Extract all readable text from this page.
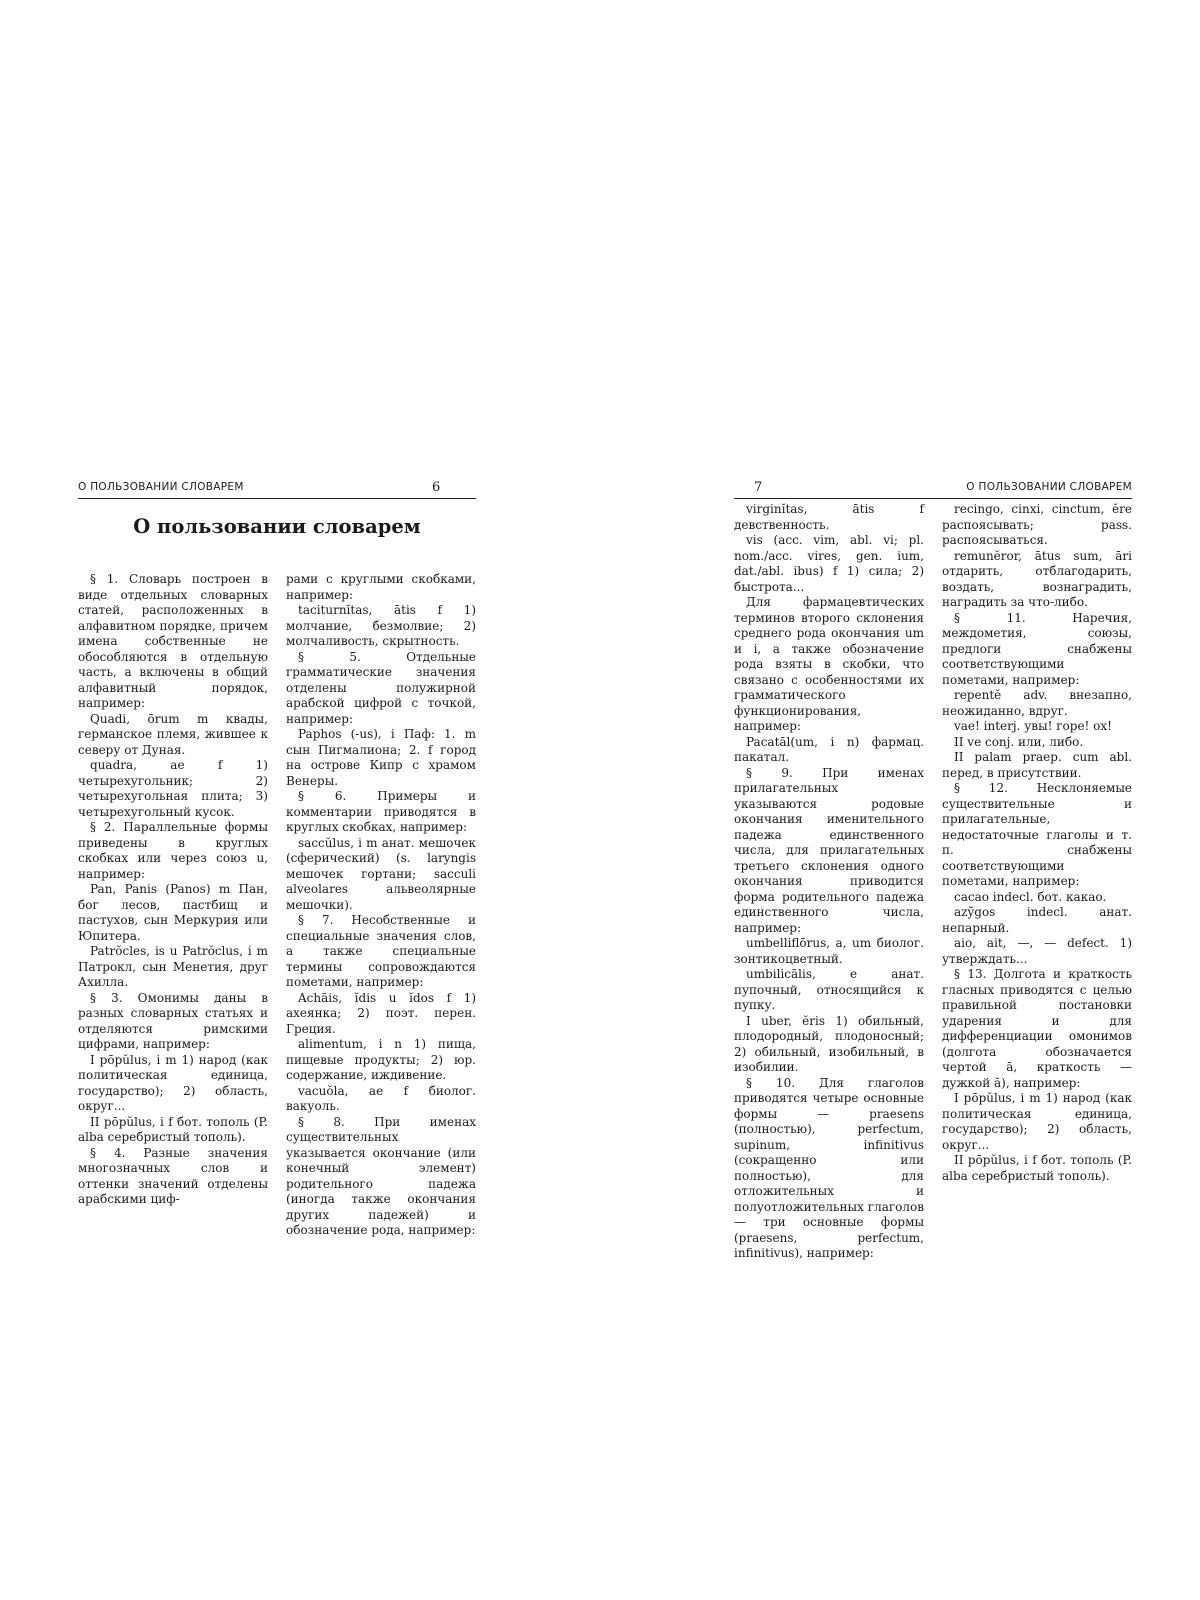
О ПОЛЬЗОВАНИИ СЛОВАРЕМ	6
О пользовании словарем

§ 1. Словарь построен в виде отдельных словарных статей, расположенных в алфавитном порядке, причем имена собственные не обособляются в отдельную часть, а включены в общий алфавитный порядок, например:

Quadi, ōrum m квады, германское племя, жившее к северу от Дуная.

quadra, ae f 1) четырехугольник; 2) четырехугольная плита; 3) четырехугольный кусок.

§ 2. Параллельные формы приведены в круглых скобках или через союз u, например:

Pan, Panis (Panos) m Пан, бог лесов, пастбищ и пастухов, сын Меркурия или Юпитера.

Patrŏcles, is u Patrŏclus, i m Патрокл, сын Менетия, друг Ахилла.

§ 3. Омонимы даны в разных словарных статьях и отделяются римскими цифрами, например:

I pōpŭlus, i m 1) народ (как политическая единица, государство); 2) область, округ...

II pōpŭlus, i f бот. тополь (P. alba серебристый тополь).

§ 4. Разные значения многозначных слов и оттенки значений отделены арабскими циф-

рами с круглыми скобками, например:

taciturnĭtas, ātis f 1) молчание, безмолвие; 2) молчаливость, скрытность.

§ 5. Отдельные грамматические значения отделены полужирной арабской цифрой с точкой, например:

Paphos (-us), i Паф: 1. m сын Пигмалиона; 2. f город на острове Кипр с храмом Венеры.

§ 6. Примеры и комментарии приводятся в круглых скобках, например:

saccŭlus, i m анат. мешочек (сферический) (s. laryngis мешочек гортани; sacculi alveolares альвеолярные мешочки).

§ 7. Несобственные и специальные значения слов, а также специальные термины сопровождаются пометами, например:

Achāis, ĭdis u ĭdos f 1) ахеянка; 2) поэт. перен. Греция.

alimentum, i n 1) пища, пищевые продукты; 2) юр. содержание, иждивение.

vacuŏla, ae f биолог. вакуоль.

§ 8. При именах существительных указывается окончание (или конечный элемент) родительного падежа (иногда также окончания других падежей) и обозначение рода, например:

7	О ПОЛЬЗОВАНИИ СЛОВАРЕМ

virginĭtas, ātis f девственность.

vis (acc. vim, abl. vi; pl. nom./acc. vires, gen. ium, dat./abl. ibus) f 1) сила; 2) быстрота...

Для фармацевтических терминов второго склонения среднего рода окончания um и i, а также обозначение рода взяты в скобки, что связано с особенностями их грамматического функционирования, например:

Pacatāl(um, i n) фармац. пакатал.

§ 9. При именах прилагательных указываются родовые окончания именительного падежа единственного числа, для прилагательных третьего склонения одного окончания приводится форма родительного падежа единственного числа, например:

umbelliflōrus, a, um биолог. зонтикоцветный.

umbilicālis, e анат. пупочный, относящийся к пупку.

I uber, ĕris 1) обильный, плодородный, плодоносный; 2) обильный, изобильный, в изобилии.

§ 10. Для глаголов приводятся четыре основные формы — praesens (полностью), perfectum, supinum, infinitivus (сокращенно или полностью), для отложительных и полуотложительных глаголов — три основные формы (praesens, perfectum, infinitivus), например:

recingo, cinxi, cinctum, ĕre распоясывать; pass. распоясываться.

remunĕror, ātus sum, āri отдарить, отблагодарить, воздать, вознаградить, наградить за что-либо.

§ 11. Наречия, междометия, союзы, предлоги снабжены соответствующими пометами, например:

repentĕ adv. внезапно, неожиданно, вдруг.

vae! interj. увы! горе! ох!

II ve conj. или, либо.

II palam praep. cum abl. перед, в присутствии.

§ 12. Несклоняемые существительные и прилагательные, недостаточные глаголы и т. п. снабжены соответствующими пометами, например:

cacao indecl. бот. какао.

azy̆gos indecl. анат. непарный.

aio, ait, —, — defect. 1) утверждать...

§ 13. Долгота и краткость гласных приводятся с целью правильной постановки ударения и для дифференциации омонимов (долгота обозначается чертой ā, краткость — дужкой ă), например:

I pōpŭlus, i m 1) народ (как политическая единица, государство); 2) область, округ...

II pōpŭlus, i f бот. тополь (P. alba серебристый тополь).
